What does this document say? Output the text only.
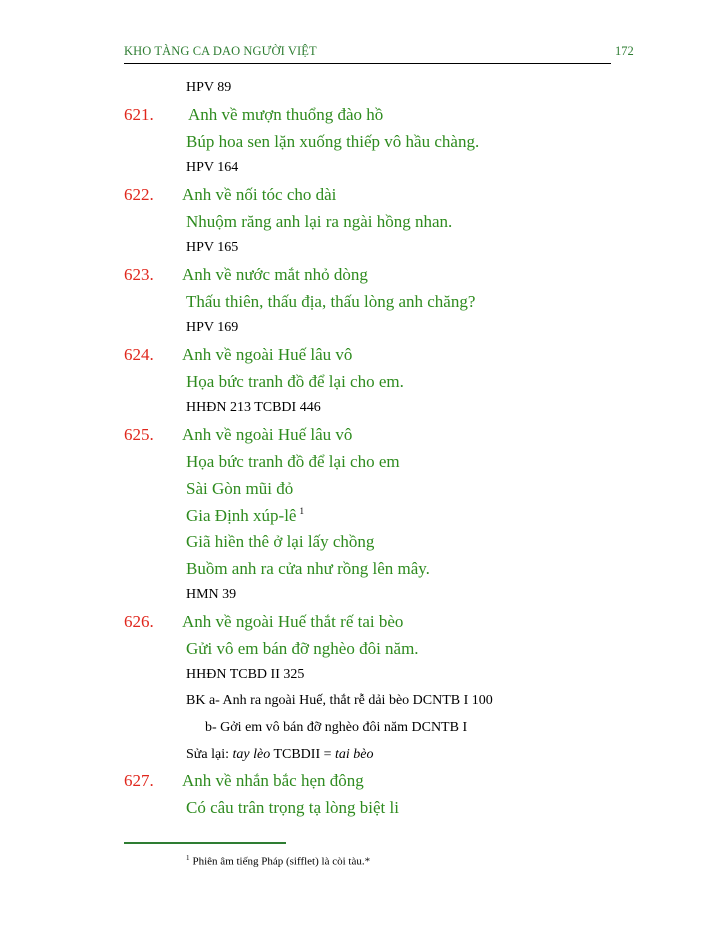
KHO TÀNG CA DAO NGƯỜI VIỆT	172
HPV 89
621. Anh về mượn thuổng đào hồ
Búp hoa sen lặn xuống thiếp vô hầu chàng.
HPV 164
622. Anh về nối tóc cho dài
Nhuộm răng anh lại ra ngài hồng nhan.
HPV 165
623. Anh về nước mắt nhỏ dòng
Thấu thiên, thấu địa, thấu lòng anh chăng?
HPV 169
624. Anh về ngoài Huế lâu vô
Họa bức tranh đồ để lại cho em.
HHĐN 213 TCBDI 446
625. Anh về ngoài Huế lâu vô
Họa bức tranh đồ để lại cho em
Sài Gòn mũi đỏ
Gia Định xúp-lê $^1$
Giã hiền thê ở lại lấy chồng
Buồm anh ra cửa như rồng lên mây.
HMN 39
626. Anh về ngoài Huế thắt rế tai bèo
Gửi vô em bán đỡ nghèo đôi năm.
HHĐN TCBD II 325
BK a- Anh ra ngoài Huế, thắt rễ dải bèo DCNTB I 100
b- Gởi em vô bán đỡ nghèo đôi năm DCNTB I
Sửa lại: tay lèo TCBDII = tai bèo
627. Anh về nhắn bắc hẹn đông
Có câu trân trọng tạ lòng biệt li
$^1$ Phiên âm tiếng Pháp (sifflet) là còi tàu.*
